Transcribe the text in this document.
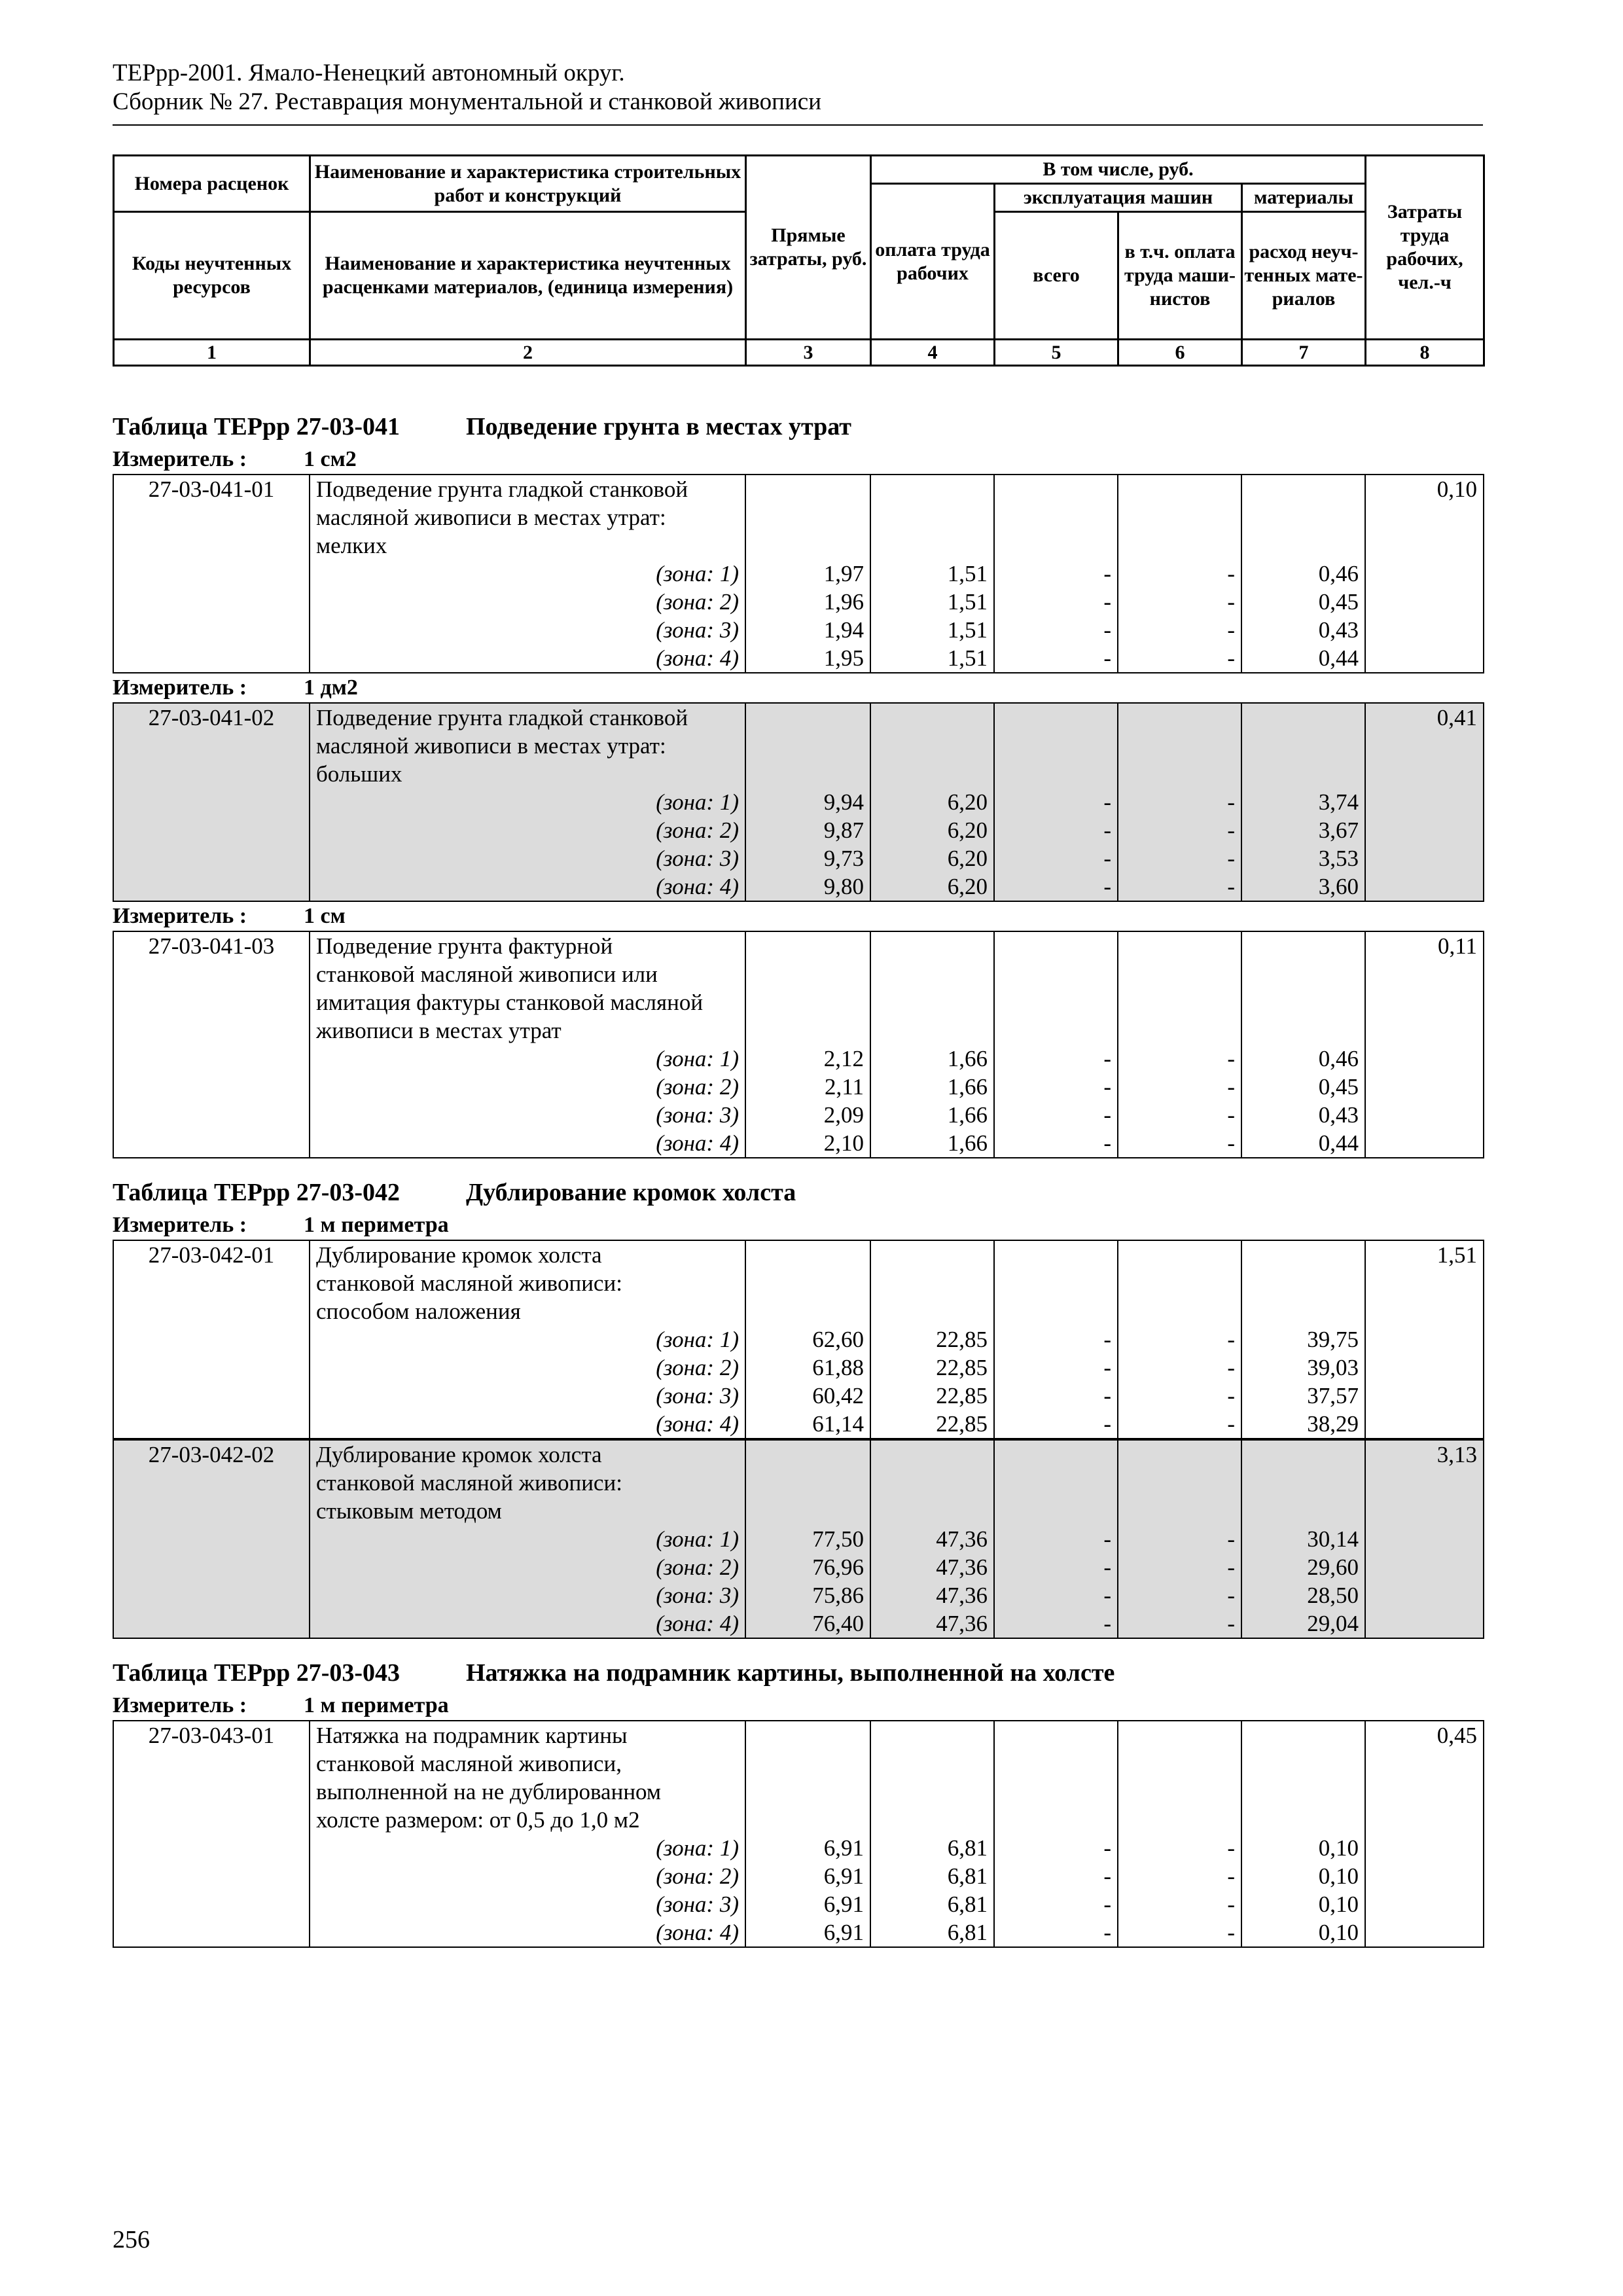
ТЕРрр-2001. Ямало-Ненецкий автономный округ.
Сборник № 27. Реставрация монументальной и станковой живописи
Номера расценок	Наименование и характеристика строительных работ и конструкций	Прямые затраты, руб.	В том числе, руб.				Затраты труда рабочих, чел.-ч
			оплата труда рабочих	эксплуатация машин		материалы	
Коды неучтенных ресурсов	Наименование и характеристика неучтенных расценками материалов, (единица измерения)			всего	в т.ч. оплата труда маши- нистов	расход неуч- тенных мате- риалов	
1	2	3	4	5	6	7	8
Таблица ТЕРрр 27-03-041	Подведение грунта в местах утрат
Измеритель :	1 см2
27-03-041-01	Подведение грунта гладкой станковой						0,10
	масляной живописи в местах утрат:						
	мелких						
	(зона: 1)	1,97	1,51	-	-	0,46	
	(зона: 2)	1,96	1,51	-	-	0,45	
	(зона: 3)	1,94	1,51	-	-	0,43	
	(зона: 4)	1,95	1,51	-	-	0,44	
Измеритель :	1 дм2
27-03-041-02	Подведение грунта гладкой станковой						0,41
	масляной живописи в местах утрат:						
	больших						
	(зона: 1)	9,94	6,20	-	-	3,74	
	(зона: 2)	9,87	6,20	-	-	3,67	
	(зона: 3)	9,73	6,20	-	-	3,53	
	(зона: 4)	9,80	6,20	-	-	3,60	
Измеритель :	1 см
27-03-041-03	Подведение грунта фактурной						0,11
	станковой масляной живописи или						
	имитация фактуры станковой масляной						
	живописи в местах утрат						
	(зона: 1)	2,12	1,66	-	-	0,46	
	(зона: 2)	2,11	1,66	-	-	0,45	
	(зона: 3)	2,09	1,66	-	-	0,43	
	(зона: 4)	2,10	1,66	-	-	0,44	
Таблица ТЕРрр 27-03-042	Дублирование кромок холста
Измеритель :	1 м периметра
27-03-042-01	Дублирование кромок холста						1,51
	станковой масляной живописи:						
	способом наложения						
	(зона: 1)	62,60	22,85	-	-	39,75	
	(зона: 2)	61,88	22,85	-	-	39,03	
	(зона: 3)	60,42	22,85	-	-	37,57	
	(зона: 4)	61,14	22,85	-	-	38,29	
27-03-042-02	Дублирование кромок холста						3,13
	станковой масляной живописи:						
	стыковым методом						
	(зона: 1)	77,50	47,36	-	-	30,14	
	(зона: 2)	76,96	47,36	-	-	29,60	
	(зона: 3)	75,86	47,36	-	-	28,50	
	(зона: 4)	76,40	47,36	-	-	29,04	
Таблица ТЕРрр 27-03-043	Натяжка на подрамник картины, выполненной на холсте
Измеритель :	1 м периметра
27-03-043-01	Натяжка на подрамник картины						0,45
	станковой масляной живописи,						
	выполненной на не дублированном						
	холсте размером: от 0,5 до 1,0 м2						
	(зона: 1)	6,91	6,81	-	-	0,10	
	(зона: 2)	6,91	6,81	-	-	0,10	
	(зона: 3)	6,91	6,81	-	-	0,10	
	(зона: 4)	6,91	6,81	-	-	0,10	
256
